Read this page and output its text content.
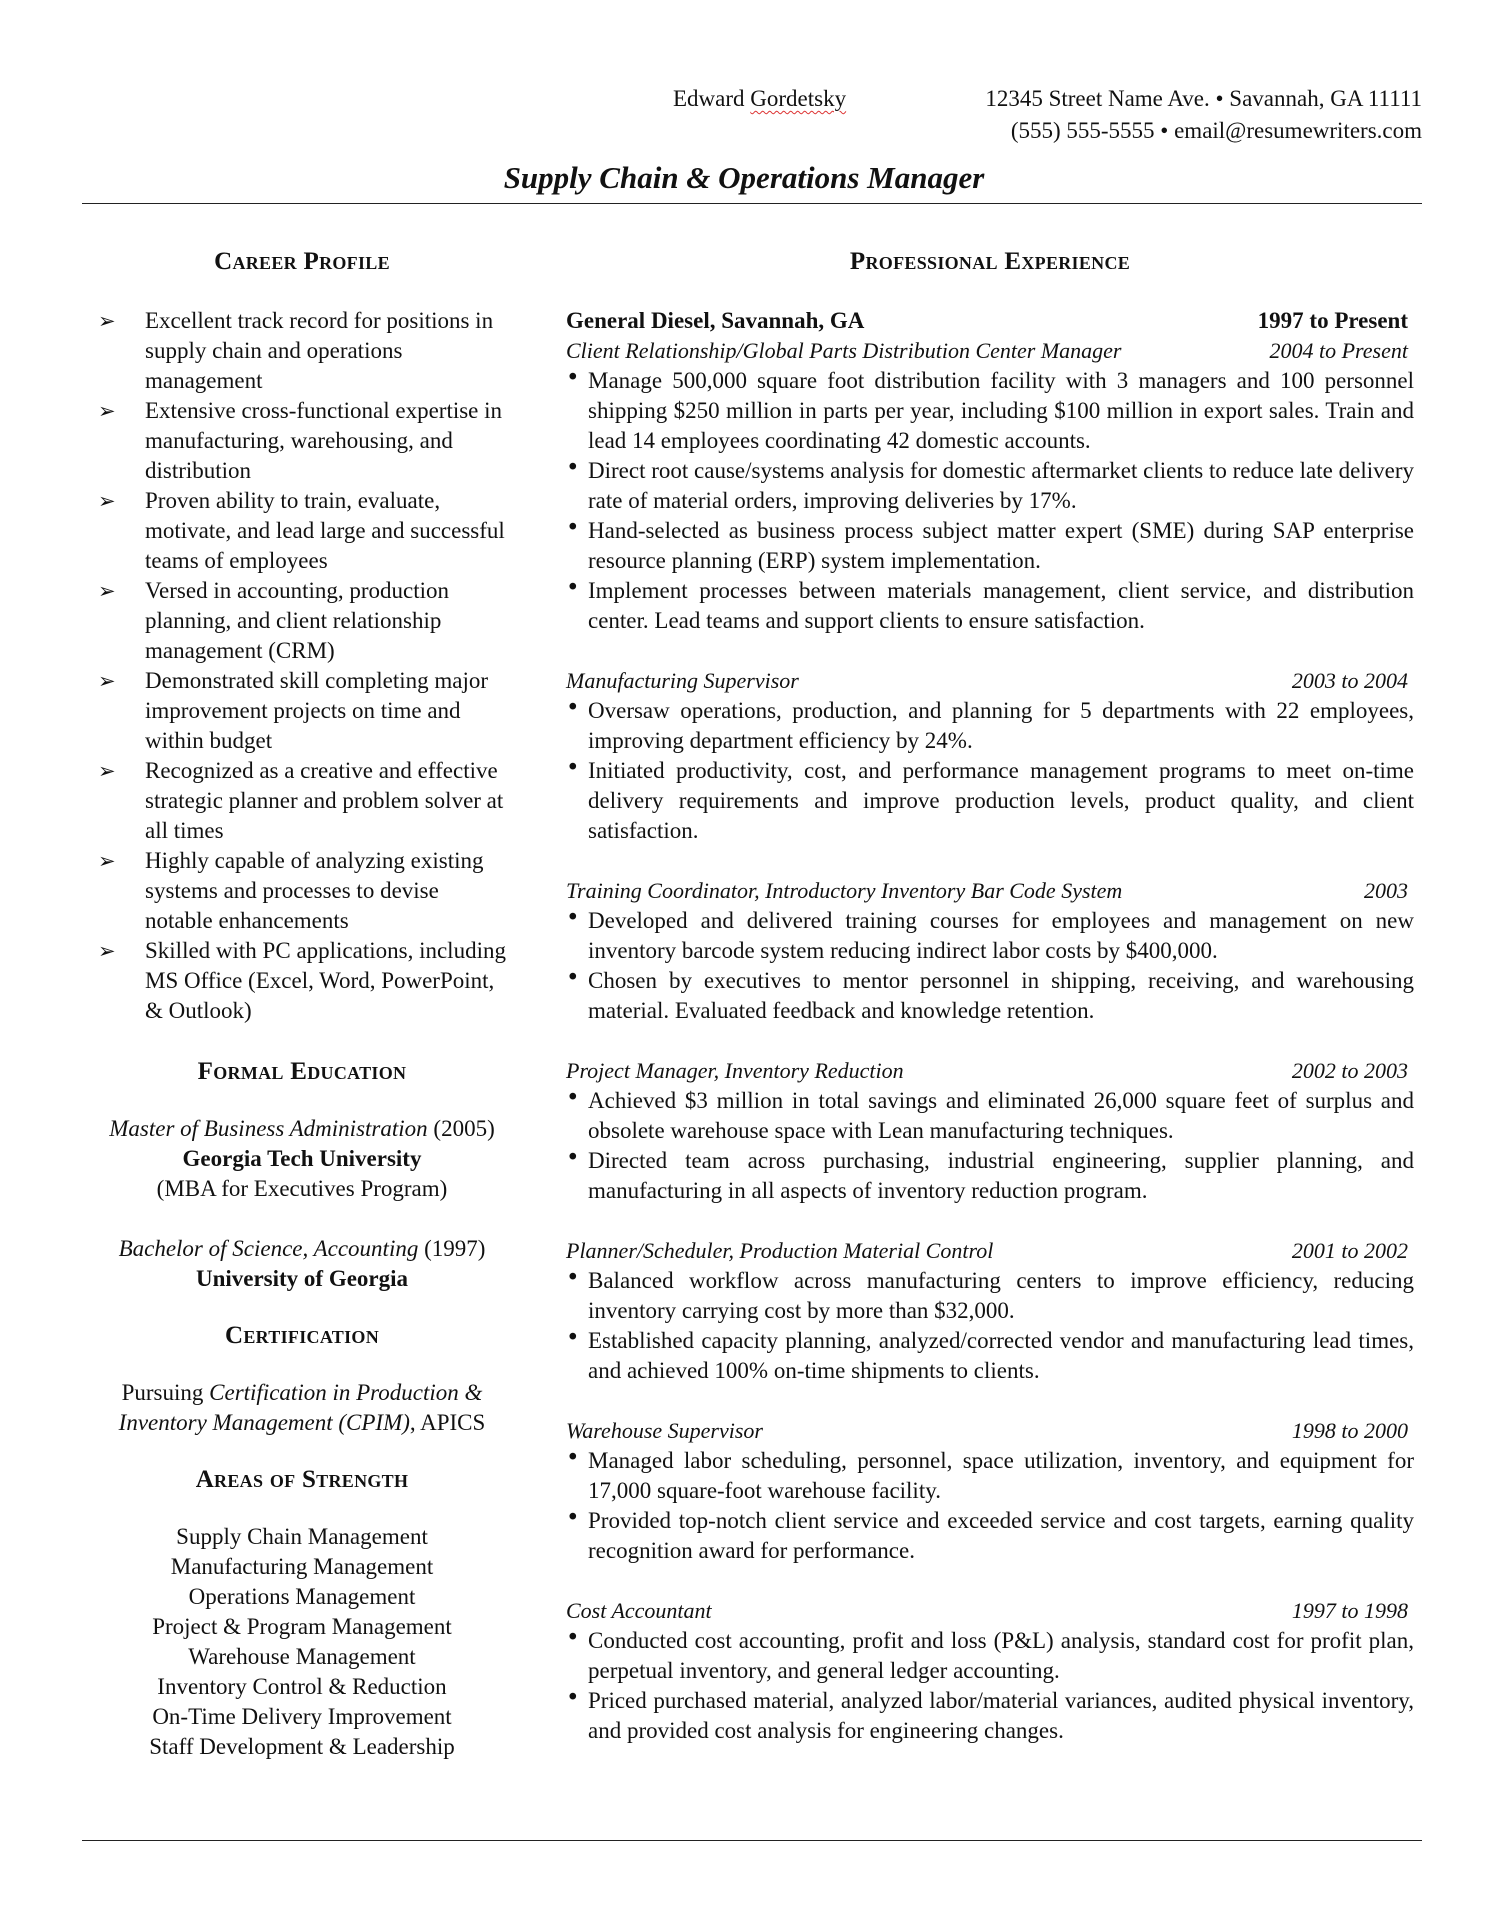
Edward Gordetsky	12345 Street Name Ave. • Savannah, GA 11111
(555) 555-5555 • email@resumewriters.com
Supply Chain & Operations Manager
Career Profile
➢ Excellent track record for positions in supply chain and operations management
➢ Extensive cross-functional expertise in manufacturing, warehousing, and distribution
➢ Proven ability to train, evaluate, motivate, and lead large and successful teams of employees
➢ Versed in accounting, production planning, and client relationship management (CRM)
➢ Demonstrated skill completing major improvement projects on time and within budget
➢ Recognized as a creative and effective strategic planner and problem solver at all times
➢ Highly capable of analyzing existing systems and processes to devise notable enhancements
➢ Skilled with PC applications, including MS Office (Excel, Word, PowerPoint, & Outlook)
Formal Education
Master of Business Administration (2005)
Georgia Tech University
(MBA for Executives Program)
Bachelor of Science, Accounting (1997)
University of Georgia
Certification
Pursuing Certification in Production &
Inventory Management (CPIM), APICS
Areas of Strength
Supply Chain Management
Manufacturing Management
Operations Management
Project & Program Management
Warehouse Management
Inventory Control & Reduction
On-Time Delivery Improvement
Staff Development & Leadership
Professional Experience
General Diesel, Savannah, GA	1997 to Present
Client Relationship/Global Parts Distribution Center Manager	2004 to Present
• Manage 500,000 square foot distribution facility with 3 managers and 100 personnel shipping $250 million in parts per year, including $100 million in export sales. Train and lead 14 employees coordinating 42 domestic accounts.
• Direct root cause/systems analysis for domestic aftermarket clients to reduce late delivery rate of material orders, improving deliveries by 17%.
• Hand-selected as business process subject matter expert (SME) during SAP enterprise resource planning (ERP) system implementation.
• Implement processes between materials management, client service, and distribution center. Lead teams and support clients to ensure satisfaction.
Manufacturing Supervisor	2003 to 2004
• Oversaw operations, production, and planning for 5 departments with 22 employees, improving department efficiency by 24%.
• Initiated productivity, cost, and performance management programs to meet on-time delivery requirements and improve production levels, product quality, and client satisfaction.
Training Coordinator, Introductory Inventory Bar Code System	2003
• Developed and delivered training courses for employees and management on new inventory barcode system reducing indirect labor costs by $400,000.
• Chosen by executives to mentor personnel in shipping, receiving, and warehousing material. Evaluated feedback and knowledge retention.
Project Manager, Inventory Reduction	2002 to 2003
• Achieved $3 million in total savings and eliminated 26,000 square feet of surplus and obsolete warehouse space with Lean manufacturing techniques.
• Directed team across purchasing, industrial engineering, supplier planning, and manufacturing in all aspects of inventory reduction program.
Planner/Scheduler, Production Material Control	2001 to 2002
• Balanced workflow across manufacturing centers to improve efficiency, reducing inventory carrying cost by more than $32,000.
• Established capacity planning, analyzed/corrected vendor and manufacturing lead times, and achieved 100% on-time shipments to clients.
Warehouse Supervisor	1998 to 2000
• Managed labor scheduling, personnel, space utilization, inventory, and equipment for 17,000 square-foot warehouse facility.
• Provided top-notch client service and exceeded service and cost targets, earning quality recognition award for performance.
Cost Accountant	1997 to 1998
• Conducted cost accounting, profit and loss (P&L) analysis, standard cost for profit plan, perpetual inventory, and general ledger accounting.
• Priced purchased material, analyzed labor/material variances, audited physical inventory, and provided cost analysis for engineering changes.
